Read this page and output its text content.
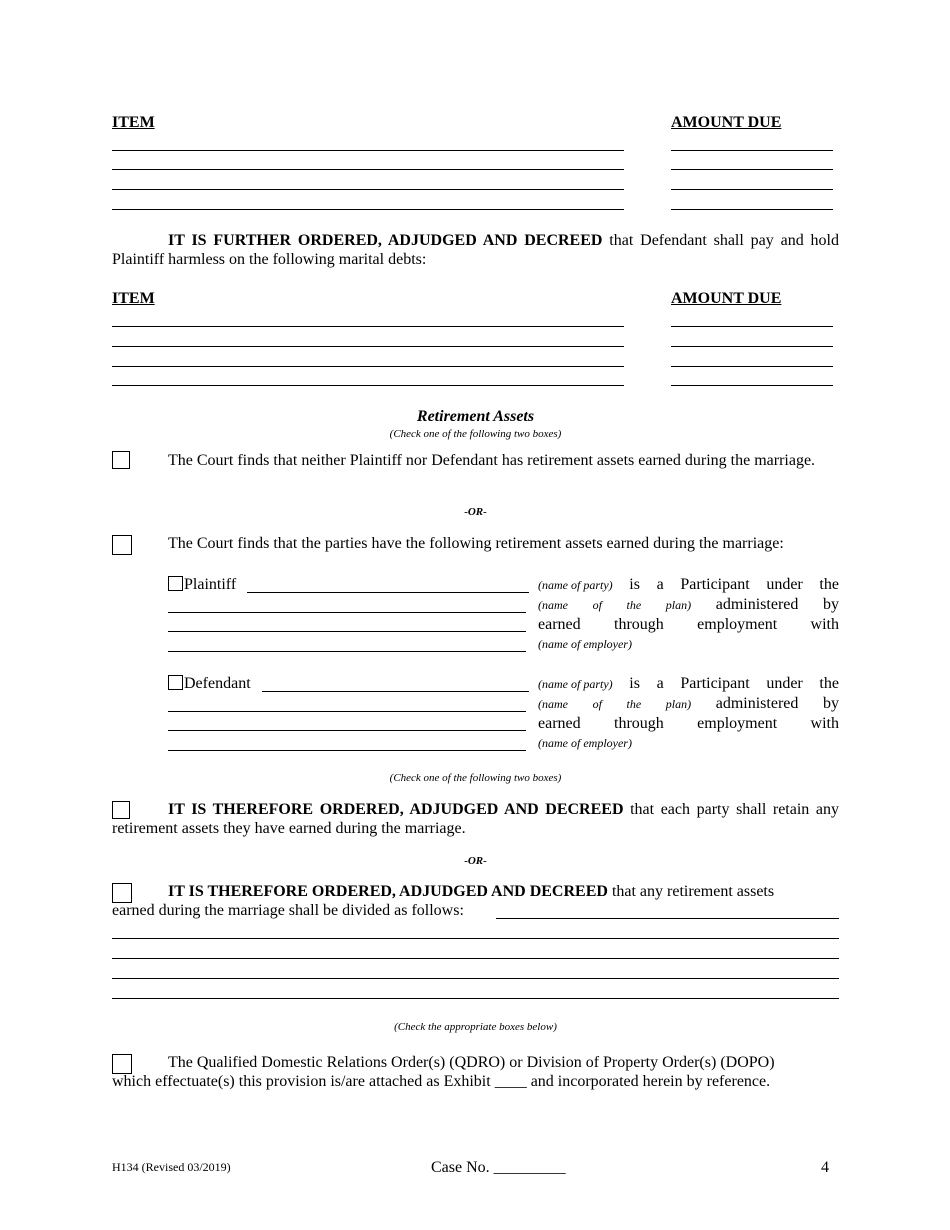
ITEM	AMOUNT DUE
IT IS FURTHER ORDERED, ADJUDGED AND DECREED that Defendant shall pay and hold Plaintiff harmless on the following marital debts:
ITEM	AMOUNT DUE
Retirement Assets
(Check one of the following two boxes)
The Court finds that neither Plaintiff nor Defendant has retirement assets earned during the marriage.
-OR-
The Court finds that the parties have the following retirement assets earned during the marriage:
Plaintiff	(name of party) is a Participant under the
(name of the plan) administered by
earned through employment with
(name of employer)
Defendant	(name of party) is a Participant under the
(name of the plan) administered by
earned through employment with
(name of employer)
(Check one of the following two boxes)
IT IS THEREFORE ORDERED, ADJUDGED AND DECREED that each party shall retain any retirement assets they have earned during the marriage.
-OR-
IT IS THEREFORE ORDERED, ADJUDGED AND DECREED that any retirement assets
earned during the marriage shall be divided as follows:
(Check the appropriate boxes below)
The Qualified Domestic Relations Order(s) (QDRO) or Division of Property Order(s) (DOPO)
which effectuate(s) this provision is/are attached as Exhibit ____ and incorporated herein by reference.
H134 (Revised 03/2019)	Case No. _________	4
